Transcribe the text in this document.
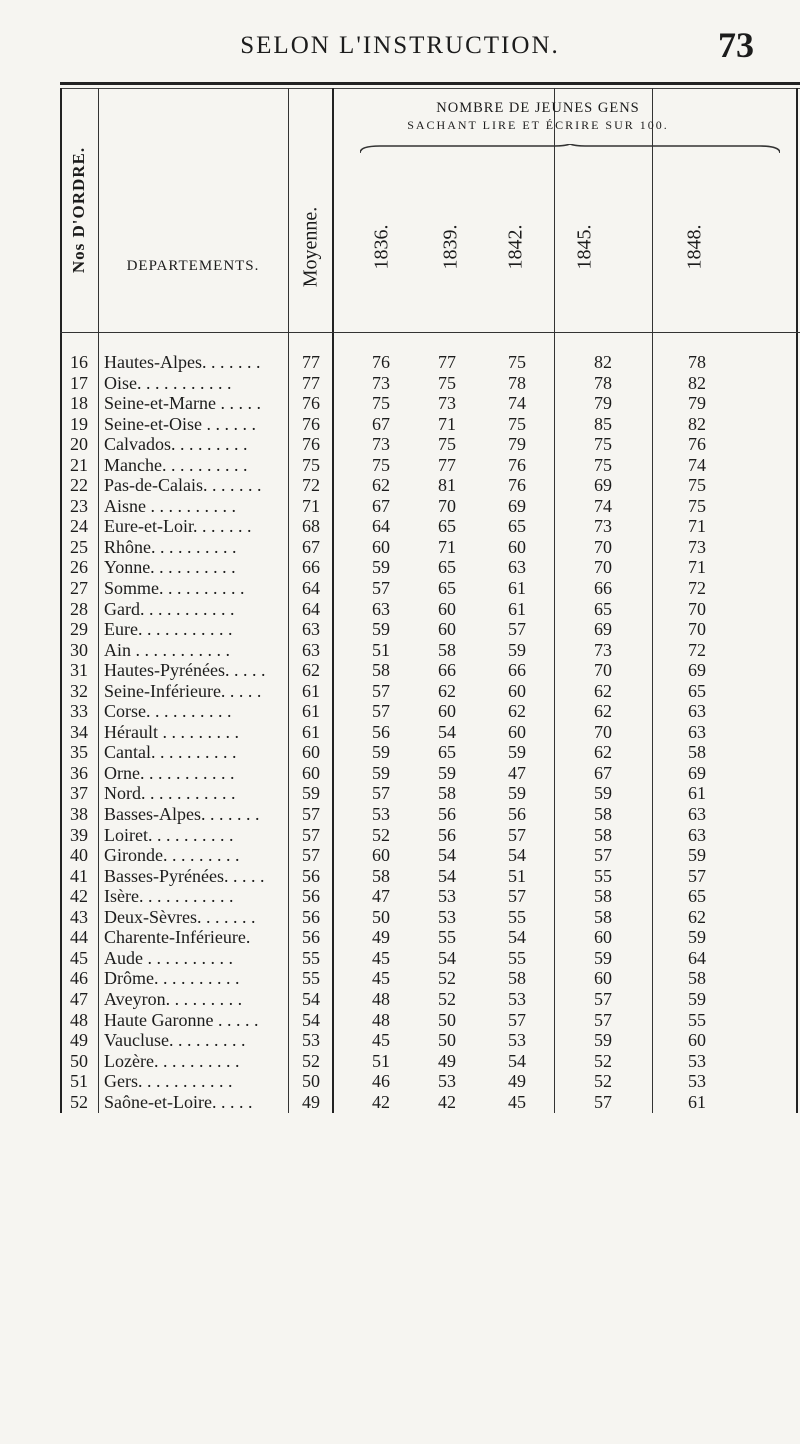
SELON L'INSTRUCTION.	73
Nos D'ORDRE.	DEPARTEMENTS.
NOMBRE DE JEUNES GENS
SACHANT LIRE ET ÉCRIRE SUR 100.
Moyenne. 1836. 1839. 1842. 1845.	1848.
16 Hautes-Alpes. . . . . . .	77	76	77	75	82	78
17 Oise. . . . . . . . . . .	77	73	75	78	78	82
18 Seine-et-Marne . . . . .	76	75	73	74	79	79
19 Seine-et-Oise . . . . . .	76	67	71	75	85	82
20 Calvados. . . . . . . . .	76	73	75	79	75	76
21 Manche. . . . . . . . . .	75	75	77	76	75	74
22 Pas-de-Calais. . . . . . .	72	62	81	76	69	75
23 Aisne . . . . . . . . . .	71	67	70	69	74	75
24 Eure-et-Loir. . . . . . .	68	64	65	65	73	71
25 Rhône. . . . . . . . . .	67	60	71	60	70	73
26 Yonne. . . . . . . . . .	66	59	65	63	70	71
27 Somme. . . . . . . . . .	64	57	65	61	66	72
28 Gard. . . . . . . . . . .	64	63	60	61	65	70
29 Eure. . . . . . . . . . .	63	59	60	57	69	70
30 Ain . . . . . . . . . . .	63	51	58	59	73	72
31 Hautes-Pyrénées. . . . .	62	58	66	66	70	69
32 Seine-Inférieure. . . . .	61	57	62	60	62	65
33 Corse. . . . . . . . . .	61	57	60	62	62	63
34 Hérault . . . . . . . . .	61	56	54	60	70	63
35 Cantal. . . . . . . . . .	60	59	65	59	62	58
36 Orne. . . . . . . . . . .	60	59	59	47	67	69
37 Nord. . . . . . . . . . .	59	57	58	59	59	61
38 Basses-Alpes. . . . . . .	57	53	56	56	58	63
39 Loiret. . . . . . . . . .	57	52	56	57	58	63
40 Gironde. . . . . . . . .	57	60	54	54	57	59
41 Basses-Pyrénées. . . . .	56	58	54	51	55	57
42 Isère. . . . . . . . . . .	56	47	53	57	58	65
43 Deux-Sèvres. . . . . . .	56	50	53	55	58	62
44 Charente-Inférieure.	56	49	55	54	60	59
45 Aude . . . . . . . . . .	55	45	54	55	59	64
46 Drôme. . . . . . . . . .	55	45	52	58	60	58
47 Aveyron. . . . . . . . .	54	48	52	53	57	59
48 Haute Garonne . . . . .	54	48	50	57	57	55
49 Vaucluse. . . . . . . . .	53	45	50	53	59	60
50 Lozère. . . . . . . . . .	52	51	49	54	52	53
51 Gers. . . . . . . . . . .	50	46	53	49	52	53
52 Saône-et-Loire. . . . .	49	42	42	45	57	61
